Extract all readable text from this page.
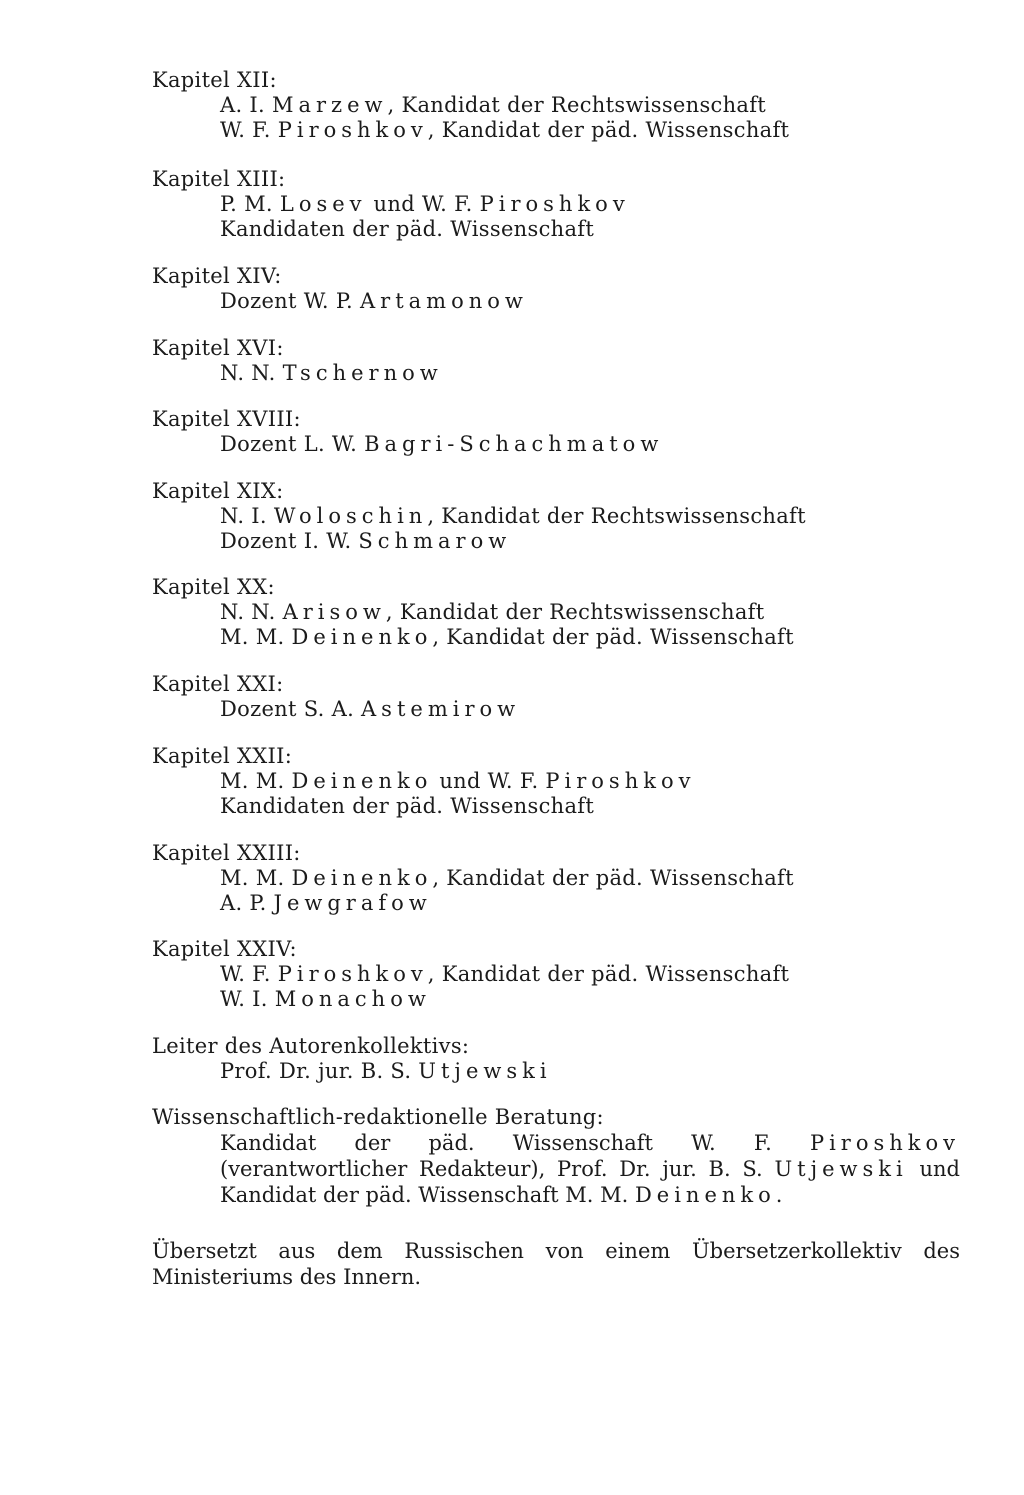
Kapitel XII:
A. I. Marzew, Kandidat der Rechtswissenschaft
W. F. Piroshkov, Kandidat der päd. Wissenschaft
Kapitel XIII:
P. M. Losev und W. F. Piroshkov
Kandidaten der päd. Wissenschaft
Kapitel XIV:
Dozent W. P. Artamonow
Kapitel XVI:
N. N. Tschernow
Kapitel XVIII:
Dozent L. W. Bagri-Schachmatow
Kapitel XIX:
N. I. Woloschin, Kandidat der Rechtswissenschaft
Dozent I. W. Schmarow
Kapitel XX:
N. N. Arisow, Kandidat der Rechtswissenschaft
M. M. Deinenko, Kandidat der päd. Wissenschaft
Kapitel XXI:
Dozent S. A. Astemirow
Kapitel XXII:
M. M. Deinenko und W. F. Piroshkov
Kandidaten der päd. Wissenschaft
Kapitel XXIII:
M. M. Deinenko, Kandidat der päd. Wissenschaft
A. P. Jewgrafow
Kapitel XXIV:
W. F. Piroshkov, Kandidat der päd. Wissenschaft
W. I. Monachow
Leiter des Autorenkollektivs:
Prof. Dr. jur. B. S. Utjewski
Wissenschaftlich-redaktionelle Beratung:
Kandidat der päd. Wissenschaft W. F. Piroshkov (verantwortlicher Redakteur), Prof. Dr. jur. B. S. Utjewski und Kandidat der päd. Wissenschaft M. M. Deinenko.
Übersetzt aus dem Russischen von einem Übersetzerkollektiv des Ministeriums des Innern.
